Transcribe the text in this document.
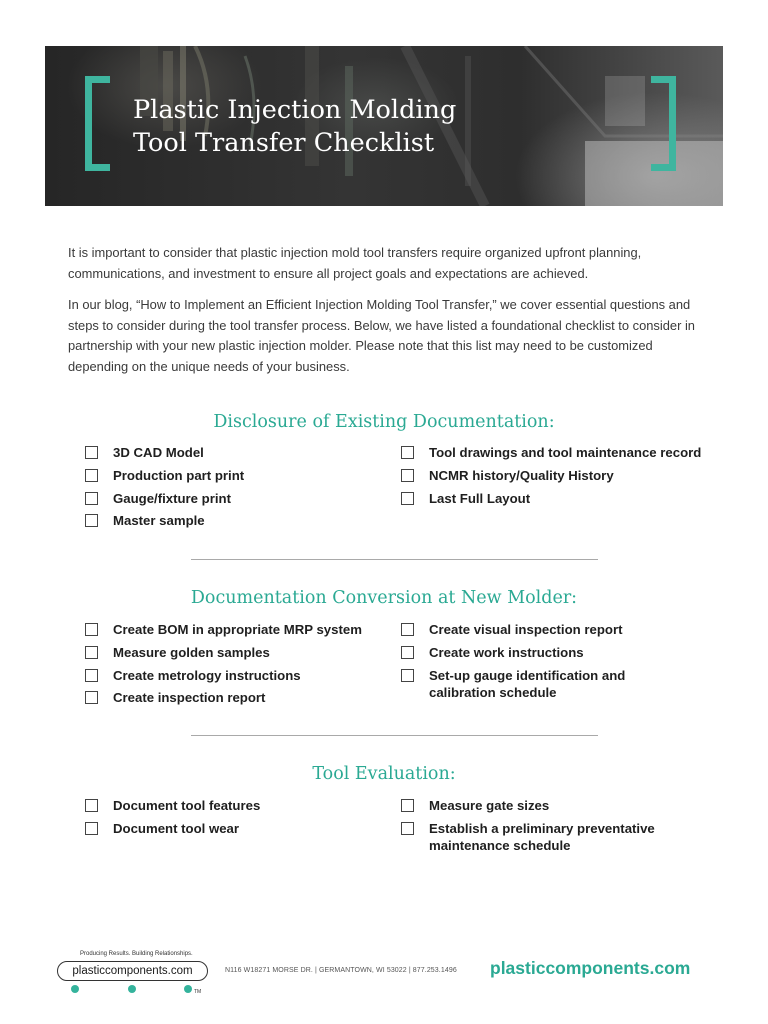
Plastic Injection Molding
Tool Transfer Checklist

It is important to consider that plastic injection mold tool transfers require organized upfront planning, communications, and investment to ensure all project goals and expectations are achieved.

In our blog, “How to Implement an Efficient Injection Molding Tool Transfer,” we cover essential questions and steps to consider during the tool transfer process. Below, we have listed a foundational checklist to consider in partnership with your new plastic injection molder. Please note that this list may need to be customized depending on the unique needs of your business.

Disclosure of Existing Documentation:
3D CAD Model
Production part print
Gauge/fixture print
Master sample
Tool drawings and tool maintenance record
NCMR history/Quality History
Last Full Layout
Documentation Conversion at New Molder:
Create BOM in appropriate MRP system
Measure golden samples
Create metrology instructions
Create inspection report
Create visual inspection report
Create work instructions
Set-up gauge identification and calibration schedule
Tool Evaluation:
Document tool features
Document tool wear
Measure gate sizes
Establish a preliminary preventative maintenance schedule
Producing Results. Building Relationships.
plasticcomponents.com
TM
N116 W18271 MORSE DR. | GERMANTOWN, WI 53022 | 877.253.1496 plasticcomponents.com
